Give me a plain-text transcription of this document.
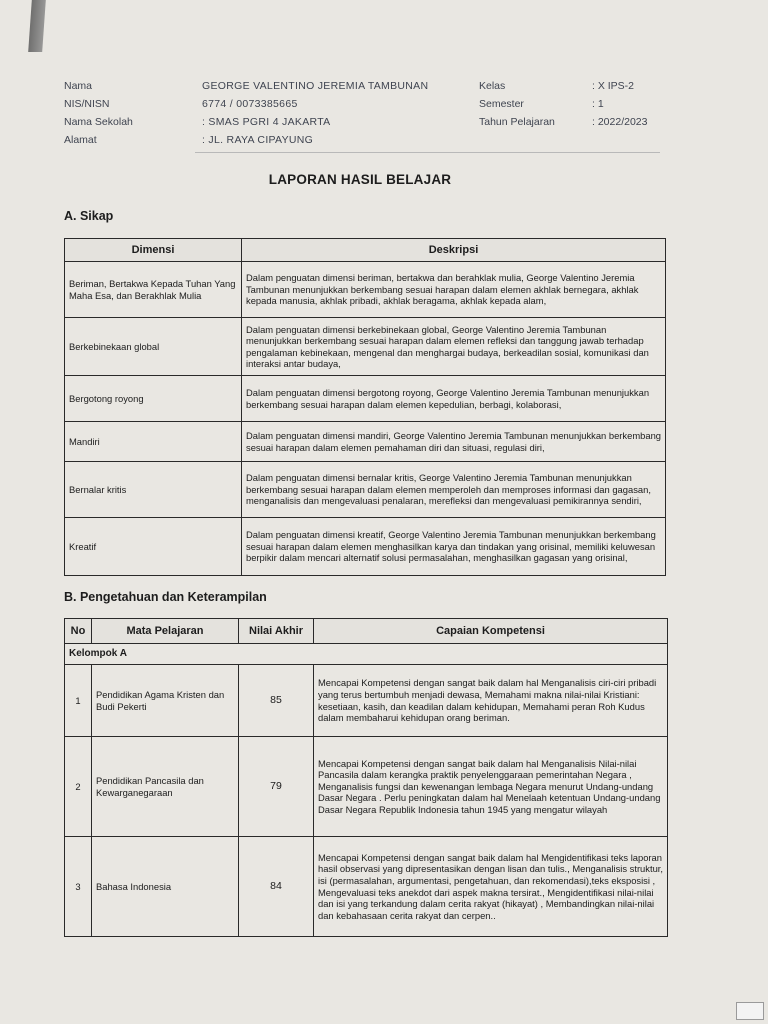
Nama	GEORGE VALENTINO JEREMIA TAMBUNAN	Kelas	: X IPS-2
NIS/NISN	6774 / 0073385665	Semester	: 1
Nama Sekolah	: SMAS PGRI 4 JAKARTA	Tahun Pelajaran	: 2022/2023
Alamat	: JL. RAYA CIPAYUNG
LAPORAN HASIL BELAJAR
A. Sikap
Dimensi	Deskripsi
Beriman, Bertakwa Kepada Tuhan Yang Maha Esa, dan Berakhlak Mulia	Dalam penguatan dimensi beriman, bertakwa dan berahklak mulia, George Valentino Jeremia Tambunan menunjukkan berkembang sesuai harapan dalam elemen akhlak bernegara, akhlak kepada manusia, akhlak pribadi, akhlak beragama, akhlak kepada alam,
Berkebinekaan global	Dalam penguatan dimensi berkebinekaan global, George Valentino Jeremia Tambunan menunjukkan berkembang sesuai harapan dalam elemen refleksi dan tanggung jawab terhadap pengalaman kebinekaan, mengenal dan menghargai budaya, berkeadilan sosial, komunikasi dan interaksi antar budaya,
Bergotong royong	Dalam penguatan dimensi bergotong royong, George Valentino Jeremia Tambunan menunjukkan berkembang sesuai harapan dalam elemen kepedulian, berbagi, kolaborasi,
Mandiri	Dalam penguatan dimensi mandiri, George Valentino Jeremia Tambunan menunjukkan berkembang sesuai harapan dalam elemen pemahaman diri dan situasi, regulasi diri,
Bernalar kritis	Dalam penguatan dimensi bernalar kritis, George Valentino Jeremia Tambunan menunjukkan berkembang sesuai harapan dalam elemen memperoleh dan memproses informasi dan gagasan, menganalisis dan mengevaluasi penalaran, merefleksi dan mengevaluasi pemikirannya sendiri,
Kreatif	Dalam penguatan dimensi kreatif, George Valentino Jeremia Tambunan menunjukkan berkembang sesuai harapan dalam elemen menghasilkan karya dan tindakan yang orisinal, memiliki keluwesan berpikir dalam mencari alternatif solusi permasalahan, menghasilkan gagasan yang orisinal,
B. Pengetahuan dan Keterampilan
No	Mata Pelajaran	Nilai Akhir	Capaian Kompetensi
Kelompok A			
1	Pendidikan Agama Kristen dan Budi Pekerti	85	Mencapai Kompetensi dengan sangat baik dalam hal Menganalisis ciri-ciri pribadi yang terus bertumbuh menjadi dewasa, Memahami makna nilai-nilai Kristiani: kesetiaan, kasih, dan keadilan dalam kehidupan, Memahami peran Roh Kudus dalam membaharui kehidupan orang beriman.
2	Pendidikan Pancasila dan Kewarganegaraan	79	Mencapai Kompetensi dengan sangat baik dalam hal Menganalisis Nilai-nilai Pancasila dalam kerangka praktik penyelenggaraan pemerintahan Negara , Menganalisis fungsi dan kewenangan lembaga Negara menurut Undang-undang Dasar Negara . Perlu peningkatan dalam hal Menelaah ketentuan Undang-undang Dasar Negara Republik Indonesia tahun 1945 yang mengatur wilayah
3	Bahasa Indonesia	84	Mencapai Kompetensi dengan sangat baik dalam hal Mengidentifikasi teks laporan hasil observasi yang dipresentasikan dengan lisan dan tulis., Menganalisis struktur, isi (permasalahan, argumentasi, pengetahuan, dan rekomendasi),teks eksposisi , Mengevaluasi teks anekdot dari aspek makna tersirat., Mengidentifikasi nilai-nilai dan isi yang terkandung dalam cerita rakyat (hikayat) , Membandingkan nilai-nilai dan kebahasaan cerita rakyat dan cerpen..
